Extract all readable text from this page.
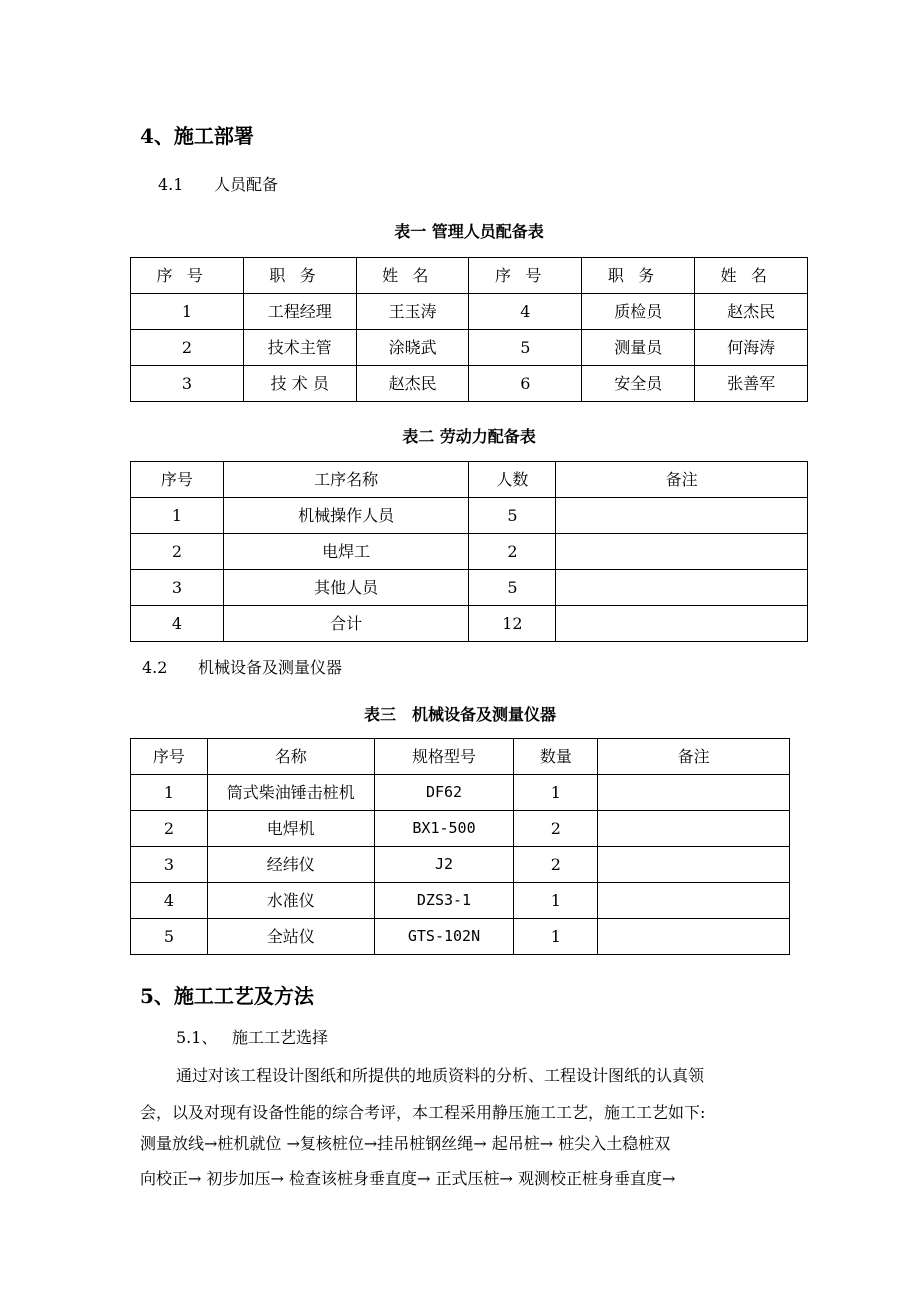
4、施工部署
4.1 人员配备
表一 管理人员配备表
序号	职务	姓名	序号	职务	姓名
1	工程经理	王玉涛	4	质检员	赵杰民
2	技术主管	涂晓武	5	测量员	何海涛
3	技 术 员	赵杰民	6	安全员	张善军
表二 劳动力配备表
序号	工序名称	人数	备注
1	机械操作人员	5	
2	电焊工	2	
3	其他人员	5	
4	合计	12	
4.2 机械设备及测量仪器
表三　机械设备及测量仪器
序号	名称	规格型号	数量	备注
1	筒式柴油锤击桩机	DF62	1	
2	电焊机	BX1-500	2	
3	经纬仪	J2	2	
4	水准仪	DZS3-1	1	
5	全站仪	GTS-102N	1	
5、施工工艺及方法
5.1、 施工工艺选择
通过对该工程设计图纸和所提供的地质资料的分析、工程设计图纸的认真领
会，以及对现有设备性能的综合考评，本工程采用静压施工工艺，施工工艺如下:
测量放线→桩机就位 →复核桩位→挂吊桩钢丝绳→ 起吊桩→ 桩尖入土稳桩双
向校正→ 初步加压→ 检查该桩身垂直度→ 正式压桩→ 观测校正桩身垂直度→
